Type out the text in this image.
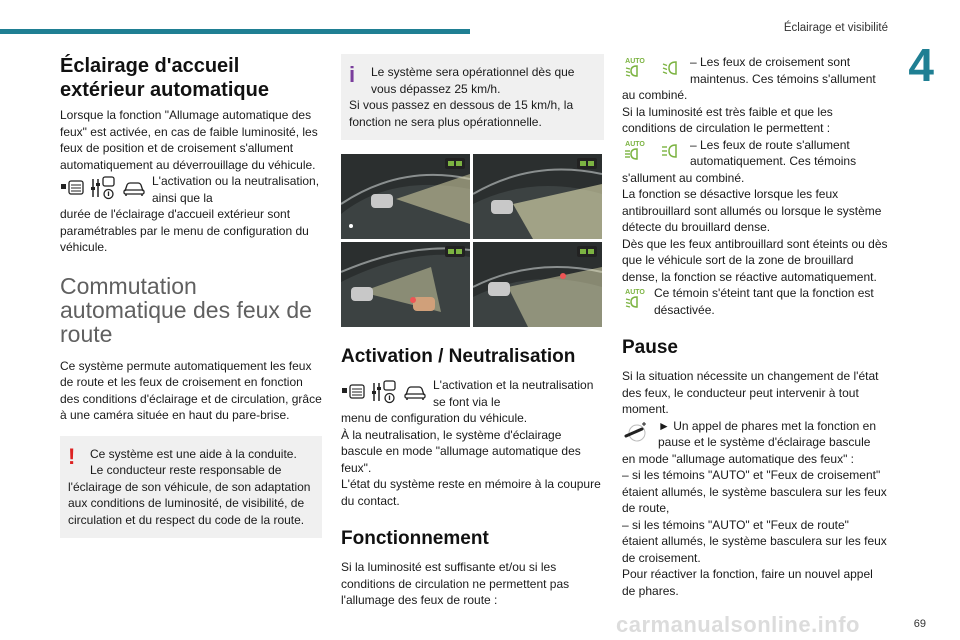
Éclairage et visibilité
4
Éclairage d'accueil extérieur automatique

Lorsque la fonction "Allumage automatique des feux" est activée, en cas de faible luminosité, les feux de position et de croisement s'allument automatiquement au déverrouillage du véhicule.

L'activation ou la neutralisation, ainsi que la

durée de l'éclairage d'accueil extérieur sont paramétrables par le menu de configuration du véhicule.

Commutation automatique des feux de route

Ce système permute automatiquement les feux de route et les feux de croisement en fonction des conditions d'éclairage et de circulation, grâce à une caméra située en haut du pare-brise.

! Ce système est une aide à la conduite.

Le conducteur reste responsable de

l'éclairage de son véhicule, de son adaptation aux conditions de luminosité, de visibilité, de circulation et du respect du code de la route.

i Le système sera opérationnel dès que

vous dépassez 25 km/h.

Si vous passez en dessous de 15 km/h, la fonction ne sera plus opérationnelle.

Activation / Neutralisation

L'activation et la neutralisation se font via le

menu de configuration du véhicule.

À la neutralisation, le système d'éclairage bascule en mode "allumage automatique des feux".

L'état du système reste en mémoire à la coupure du contact.

Fonctionnement

Si la luminosité est suffisante et/ou si les conditions de circulation ne permettent pas l'allumage des feux de route :

AUTO	– Les feux de croisement sont maintenus. Ces témoins s'allument

au combiné.

Si la luminosité est très faible et que les conditions de circulation le permettent :

AUTO	– Les feux de route s'allument automatiquement. Ces témoins

s'allument au combiné.

La fonction se désactive lorsque les feux antibrouillard sont allumés ou lorsque le système détecte du brouillard dense.

Dès que les feux antibrouillard sont éteints ou dès que le véhicule sort de la zone de brouillard dense, la fonction se réactive automatiquement.

AUTO Ce témoin s'éteint tant que la fonction est désactivée.

Pause

Si la situation nécessite un changement de l'état des feux, le conducteur peut intervenir à tout moment.

► Un appel de phares met la fonction en pause et le système d'éclairage bascule

en mode "allumage automatique des feux" :

– si les témoins "AUTO" et "Feux de croisement" étaient allumés, le système basculera sur les feux de route,

– si les témoins "AUTO" et "Feux de route" étaient allumés, le système basculera sur les feux de croisement.

Pour réactiver la fonction, faire un nouvel appel de phares.

carmanualsonline.info	69
